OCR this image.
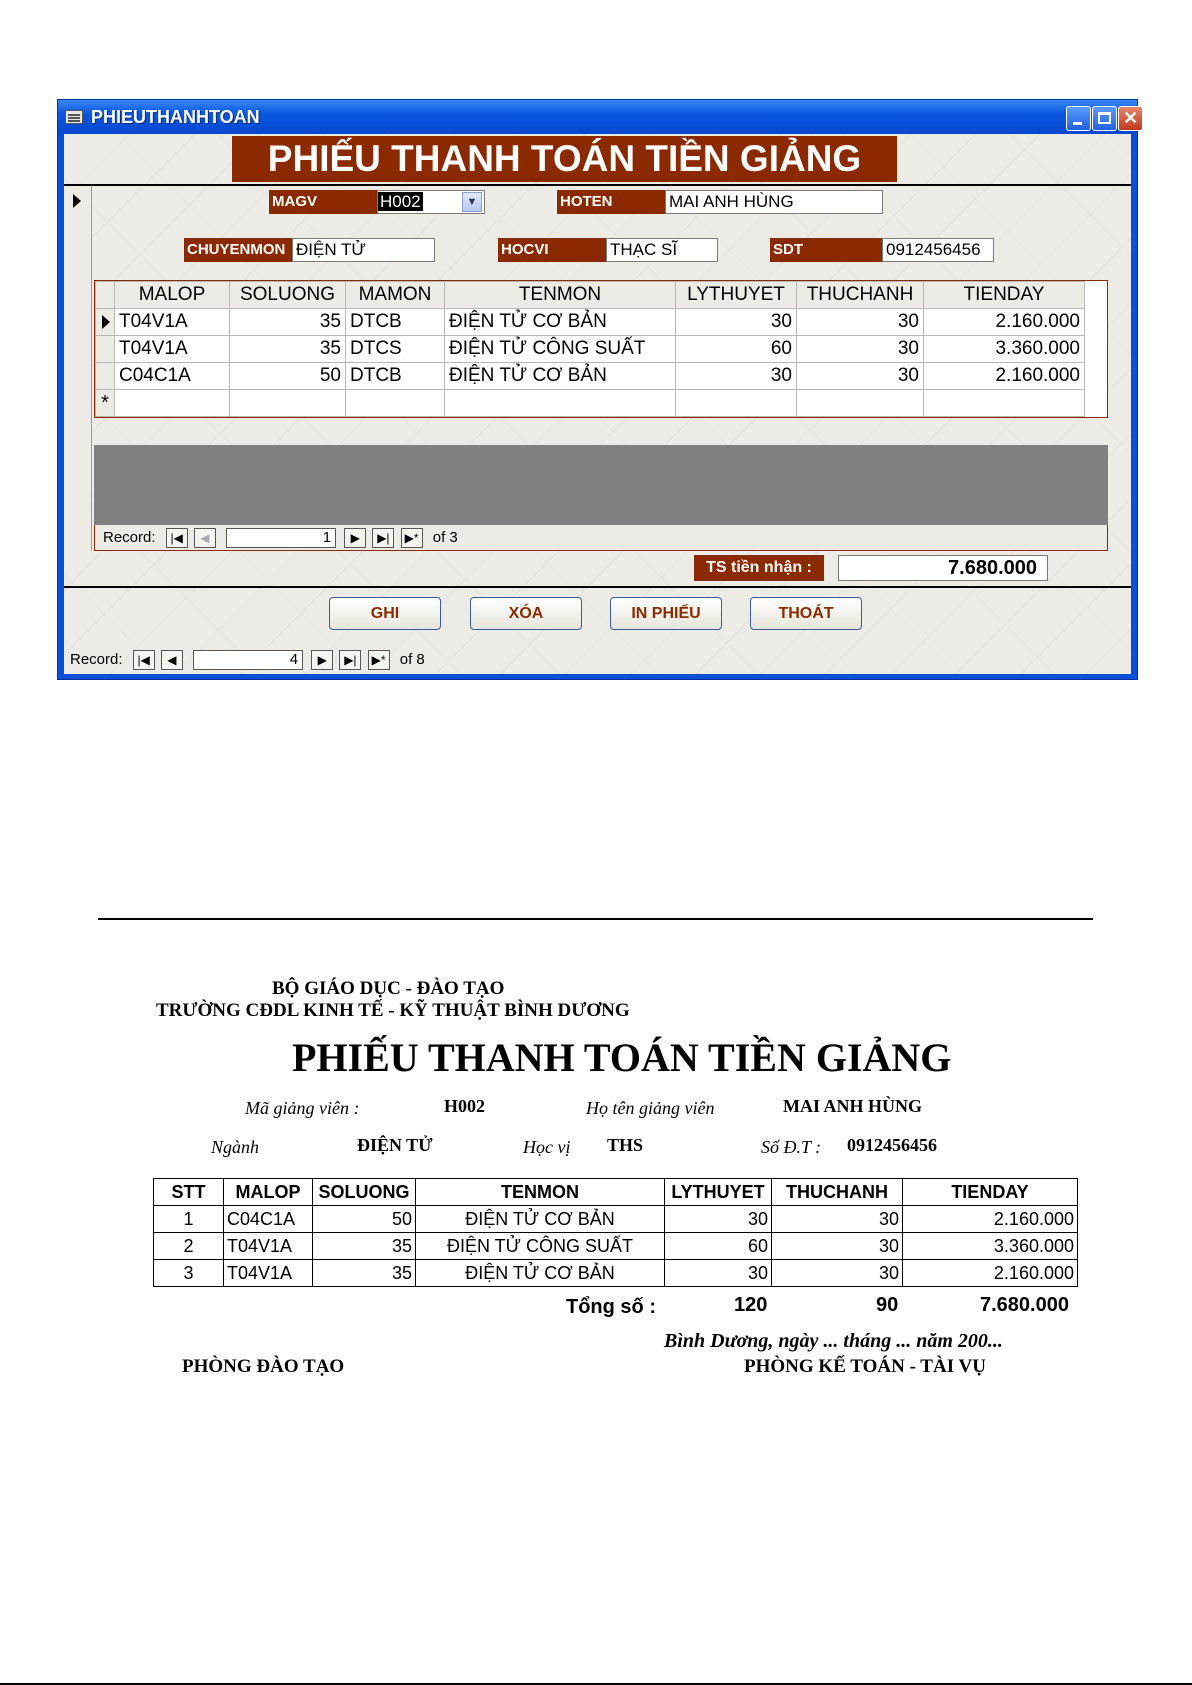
PHIEUTHANHTOAN	✕
PHIẾU THANH TOÁN TIỀN GIẢNG
MAGV	H002	▼	HOTEN	MAI ANH HÙNG
CHUYENMON ĐIỆN TỬ	HOCVI	THẠC SĨ	SDT	0912456456
	MALOP	SOLUONG	MAMON	TENMON	LYTHUYET	THUCHANH	TIENDAY

	T04V1A	35	DTCB	ĐIỆN TỬ CƠ BẢN	30	30	2.160.000
	T04V1A	35	DTCS	ĐIỆN TỬ CÔNG SUẤT	60	30	3.360.000
	C04C1A	50	DTCB	ĐIỆN TỬ CƠ BẢN	30	30	2.160.000
*							
Record: |◀ ◀	1 ▶ ▶| ▶* of 3
TS tiền nhận :	7.680.000
GHI	XÓA	IN PHIẾU	THOÁT
Record: |◀ ◀	4 ▶ ▶| ▶* of 8
BỘ GIÁO DỤC - ĐÀO TẠO
TRƯỜNG CĐDL KINH TẾ - KỸ THUẬT BÌNH DƯƠNG
PHIẾU THANH TOÁN TIỀN GIẢNG
Mã giảng viên :	H002	Họ tên giảng viên	MAI ANH HÙNG
Ngành	ĐIỆN TỬ	Học vị THS	Số Đ.T : 0912456456
STT	MALOP	SOLUONG	TENMON	LYTHUYET	THUCHANH	TIENDAY
1	C04C1A	50	ĐIỆN TỬ CƠ BẢN	30	30	2.160.000
2	T04V1A	35	ĐIỆN TỬ CÔNG SUẤT	60	30	3.360.000
3	T04V1A	35	ĐIỆN TỬ CƠ BẢN	30	30	2.160.000
Tổng số :	120	90	7.680.000
Bình Dương, ngày ... tháng ... năm 200...
PHÒNG ĐÀO TẠO	PHÒNG KẾ TOÁN - TÀI VỤ
